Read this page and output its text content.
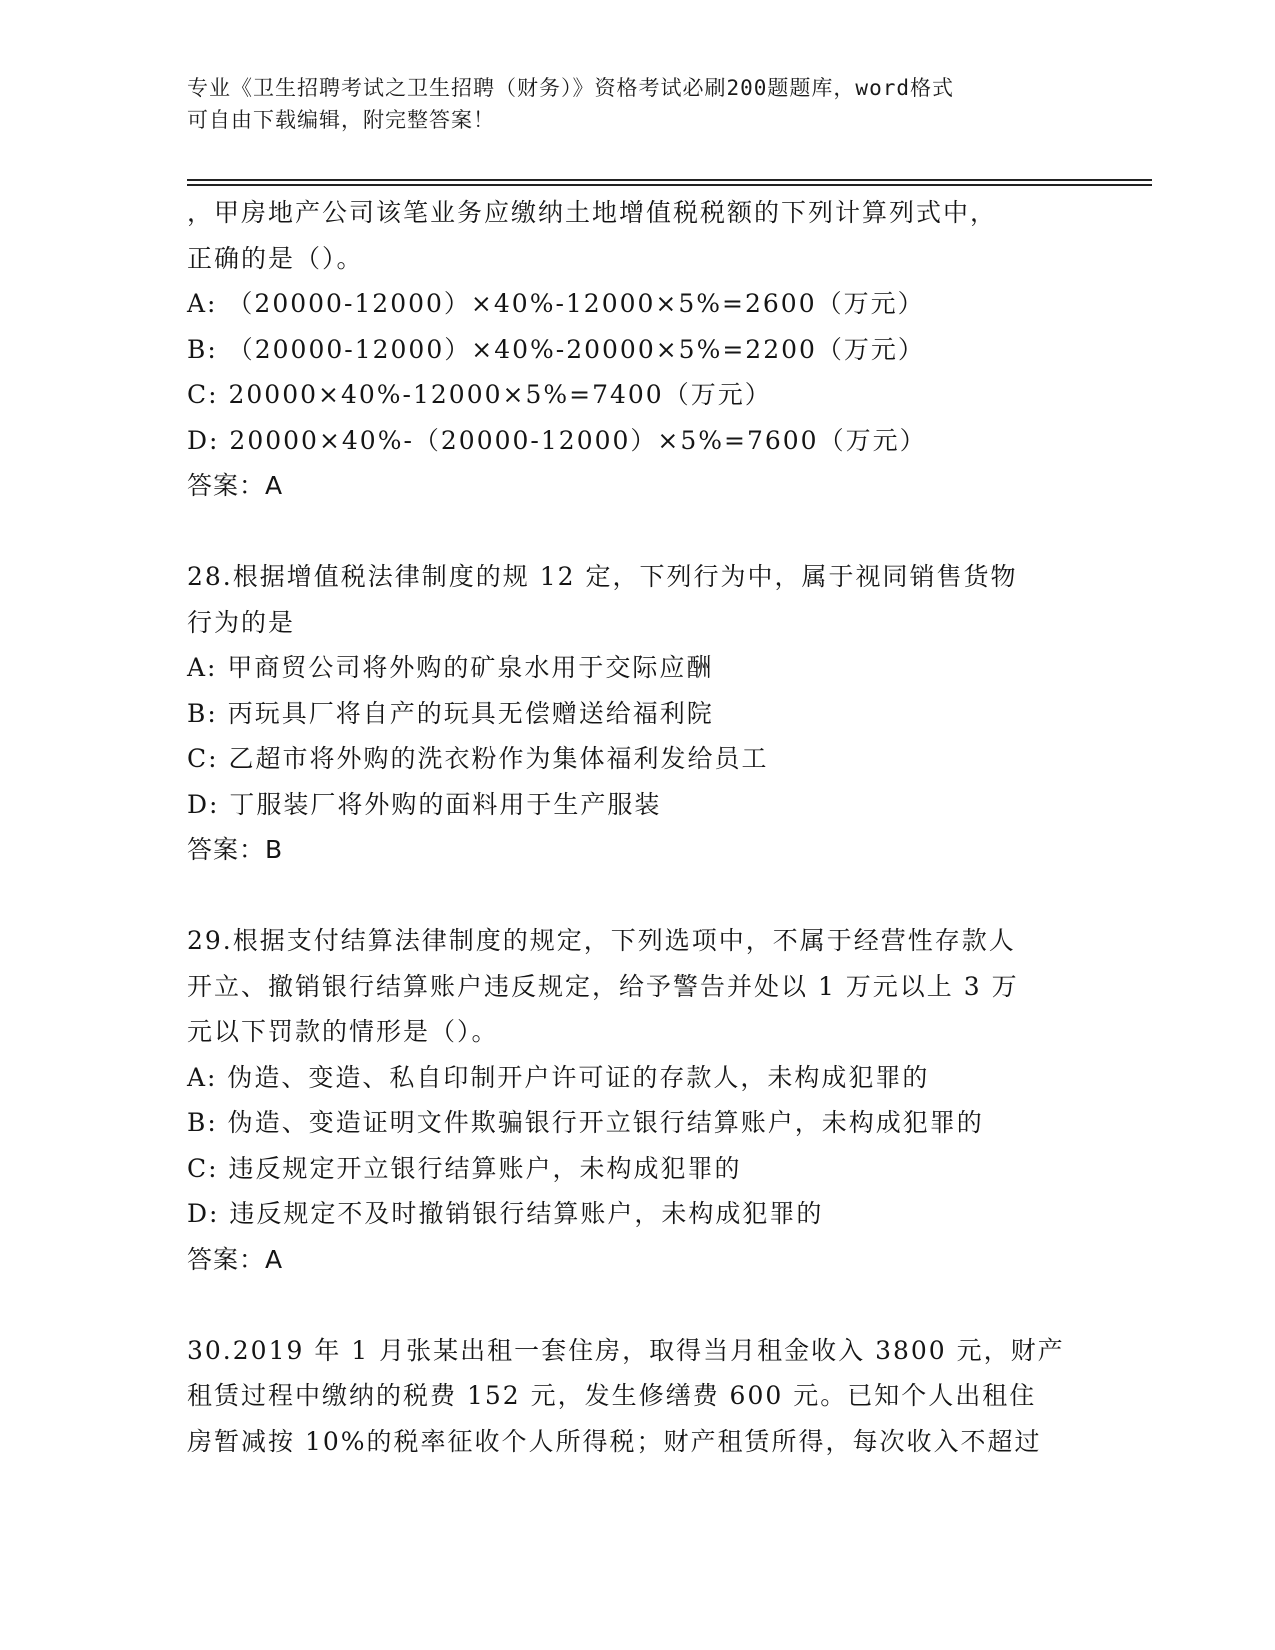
专业《卫生招聘考试之卫生招聘（财务）》资格考试必刷200题题库，word格式
可自由下载编辑，附完整答案！
，甲房地产公司该笔业务应缴纳土地增值税税额的下列计算列式中，
正确的是（）。
A: （20000-12000）×40%-12000×5%=2600（万元）
B: （20000-12000）×40%-20000×5%=2200（万元）
C: 20000×40%-12000×5%=7400（万元）
D: 20000×40%-（20000-12000）×5%=7600（万元）
答案：A
28.根据增值税法律制度的规 12 定，下列行为中，属于视同销售货物
行为的是
A: 甲商贸公司将外购的矿泉水用于交际应酬
B: 丙玩具厂将自产的玩具无偿赠送给福利院
C: 乙超市将外购的洗衣粉作为集体福利发给员工
D: 丁服装厂将外购的面料用于生产服装
答案：B
29.根据支付结算法律制度的规定，下列选项中，不属于经营性存款人
开立、撤销银行结算账户违反规定，给予警告并处以 1 万元以上 3 万
元以下罚款的情形是（）。
A: 伪造、变造、私自印制开户许可证的存款人，未构成犯罪的
B: 伪造、变造证明文件欺骗银行开立银行结算账户，未构成犯罪的
C: 违反规定开立银行结算账户，未构成犯罪的
D: 违反规定不及时撤销银行结算账户，未构成犯罪的
答案：A
30.2019 年 1 月张某出租一套住房，取得当月租金收入 3800 元，财产
租赁过程中缴纳的税费 152 元，发生修缮费 600 元。已知个人出租住
房暂减按 10%的税率征收个人所得税；财产租赁所得，每次收入不超过
